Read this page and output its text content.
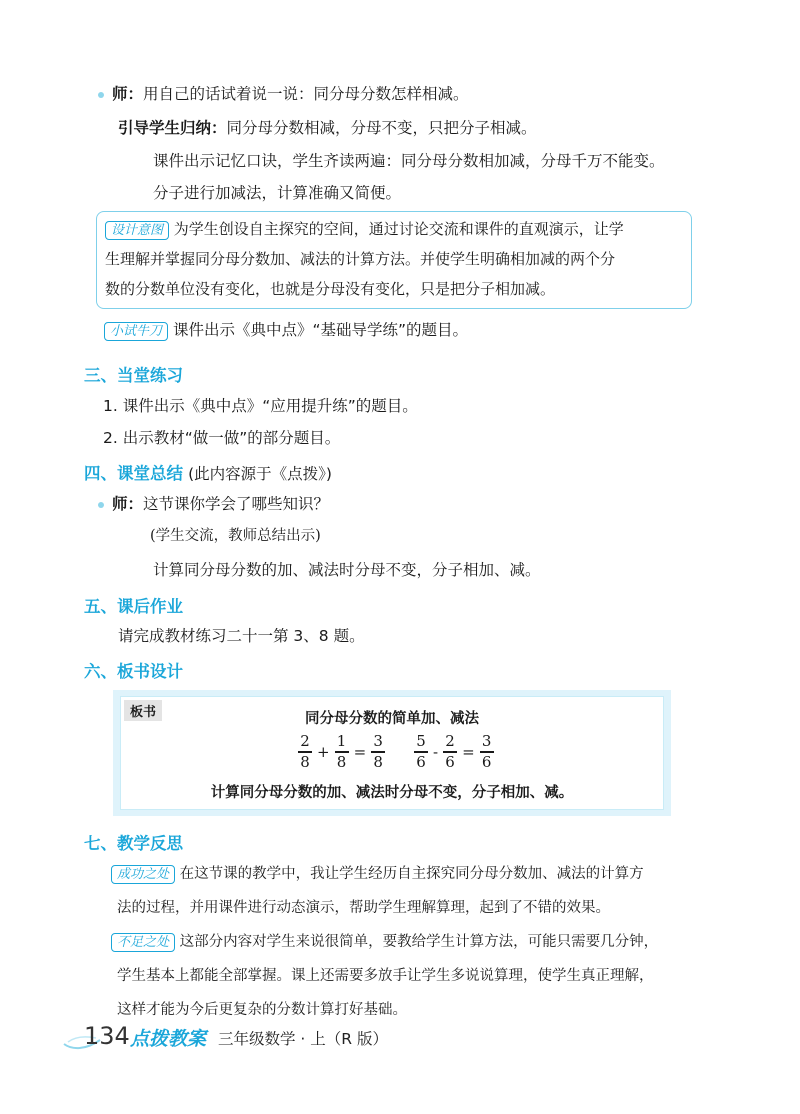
师：用自己的话试着说一说：同分母分数怎样相减。
引导学生归纳：同分母分数相减，分母不变，只把分子相减。
课件出示记忆口诀，学生齐读两遍：同分母分数相加减，分母千万不能变。
分子进行加减法，计算准确又简便。
设计意图 为学生创设自主探究的空间，通过讨论交流和课件的直观演示，让学
生理解并掌握同分母分数加、减法的计算方法。并使学生明确相加减的两个分
数的分数单位没有变化，也就是分母没有变化，只是把分子相加减。
小试牛刀 课件出示《典中点》“基础导学练”的题目。
三、当堂练习
1. 课件出示《典中点》“应用提升练”的题目。
2. 出示教材“做一做”的部分题目。
四、课堂总结 (此内容源于《点拨》)
师：这节课你学会了哪些知识？
(学生交流，教师总结出示)
计算同分母分数的加、减法时分母不变，分子相加、减。
五、课后作业
请完成教材练习二十一第 3、8 题。
六、板书设计
板书	同分母分数的简单加、减法
$\frac{2}{8} + \frac{1}{8} = \frac{3}{8} \frac{5}{6} - \frac{2}{6} = \frac{3}{6}$
计算同分母分数的加、减法时分母不变，分子相加、减。
七、教学反思
成功之处 在这节课的教学中，我让学生经历自主探究同分母分数加、减法的计算方
法的过程，并用课件进行动态演示，帮助学生理解算理，起到了不错的效果。
不足之处 这部分内容对学生来说很简单，要教给学生计算方法，可能只需要几分钟，
学生基本上都能全部掌握。课上还需要多放手让学生多说说算理，使学生真正理解，
这样才能为今后更复杂的分数计算打好基础。
134 点拨教案 三年级数学 · 上（R 版）
